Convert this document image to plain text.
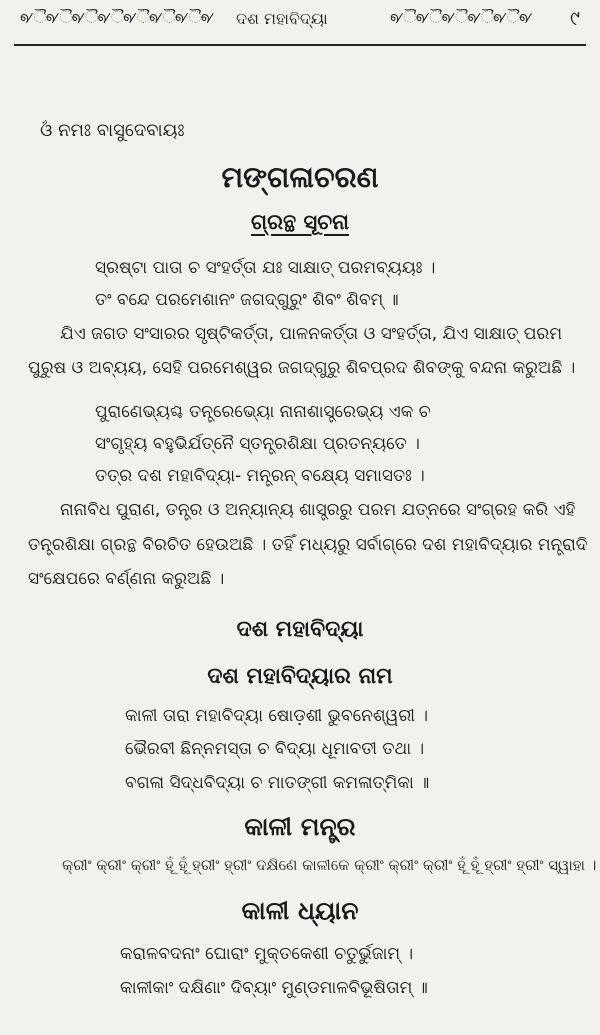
୶ୖ୶ୖ୶ୖ୶ୖ୶ୖ୶ୖ୶ୖ୶	ଦଶ ମହାବିଦ୍ୟା	୶ୖ୶ୖ୶ୖ୶ୖ୶ୖ୶	୯
ଓଁ ନମଃ ବାସୁଦେବାୟଃ
ମଙ୍ଗଳାଚରଣ
ଗ୍ରନ୍ଥ ସୂଚନା
ସ୍ରଷ୍ଟା ପାତା ଚ ସଂହର୍ତ୍ତା ଯଃ ସାକ୍ଷାତ୍ ପରମବ୍ୟୟଃ ।
ତଂ ବନ୍ଦେ ପରମେଶାନଂ ଜଗଦ୍‌ଗୁରୁଂ ଶିବଂ ଶିବମ୍ ॥
ଯିଏ ଜଗତ ସଂସାରର ସୃଷ୍ଟିକର୍ତ୍ତା, ପାଳନକର୍ତ୍ତା ଓ ସଂହର୍ତ୍ତା, ଯିଏ ସାକ୍ଷାତ୍ ପରମ
ପୁରୁଷ ଓ ଅବ୍ୟୟ, ସେହି ପରମେଶ୍ୱର ଜଗଦ୍‌ଗୁରୁ ଶିବପ୍ରଦ ଶିବଙ୍କୁ ବନ୍ଦନା କରୁଅଛି ।
ପୁରାଣେଭ୍ୟଶ୍ଚ ତନ୍ତ୍ରେଭ୍ୟୋ ନାନାଶାସ୍ତ୍ରେଭ୍ୟ ଏକ ଚ
ସଂଗୃହ୍ୟ ବହୁଭିର୍ଯତ୍ନୈ ସ୍ତନ୍ତ୍ରଶିକ୍ଷା ପ୍ରତନ୍ୟତେ ।
ତତ୍ର ଦଶ ମହାବିଦ୍ୟା- ମନ୍ତ୍ରନ୍ ବକ୍ଷ୍ୟେ ସମାସତଃ ।
ନାନାବିଧ ପୁରାଣ, ତନ୍ତ୍ର ଓ ଅନ୍ୟାନ୍ୟ ଶାସ୍ତ୍ରରୁ ପରମ ଯତ୍ନରେ ସଂଗ୍ରହ କରି ଏହି
ତନ୍ତ୍ରଶିକ୍ଷା ଗ୍ରନ୍ଥ ବିରଚିତ ହେଉଅଛି । ତହିଁ ମଧ୍ୟରୁ ସର୍ବାଗ୍ରେ ଦଶ ମହାବିଦ୍ୟାର ମନ୍ତ୍ରାଦି
ସଂକ୍ଷେପରେ ବର୍ଣ୍ଣନା କରୁଅଛି ।
ଦଶ ମହାବିଦ୍ୟା
ଦଶ ମହାବିଦ୍ୟାର ନାମ
କାଳୀ ତାରା ମହାବିଦ୍ୟା ଷୋଡ଼ଶୀ ଭୁବନେଶ୍ୱରୀ ।
ଭୈରବୀ ଛିନ୍ନମସ୍ତା ଚ ବିଦ୍ୟା ଧୂମାବତୀ ତଥା ।
ବଗଳା ସିଦ୍ଧବିଦ୍ୟା ଚ ମାତଙ୍ଗୀ କମଳାତ୍ମିକା ॥
କାଳୀ ମନ୍ତ୍ର
କ୍ରୀଂ କ୍ରୀଂ କ୍ରୀଂ ହୂଁ ହୂଁ ହ୍ରୀଂ ହ୍ରୀଂ ଦକ୍ଷିଣେ କାଳୀକେ କ୍ରୀଂ କ୍ରୀଂ କ୍ରୀଂ ହୂଁ ହୂଁ ହ୍ରୀଂ ହ୍ରୀଂ ସ୍ୱାହା ।
କାଳୀ ଧ୍ୟାନ
କରାଳବଦନାଂ ଘୋରାଂ ମୁକ୍ତକେଶୀ ଚତୁର୍ଭୁଜାମ୍ ।
କାଳୀକାଂ ଦକ୍ଷିଣାଂ ଦିବ୍ୟାଂ ମୁଣ୍ଡମାଳବିଭୂଷିତାମ୍ ॥
